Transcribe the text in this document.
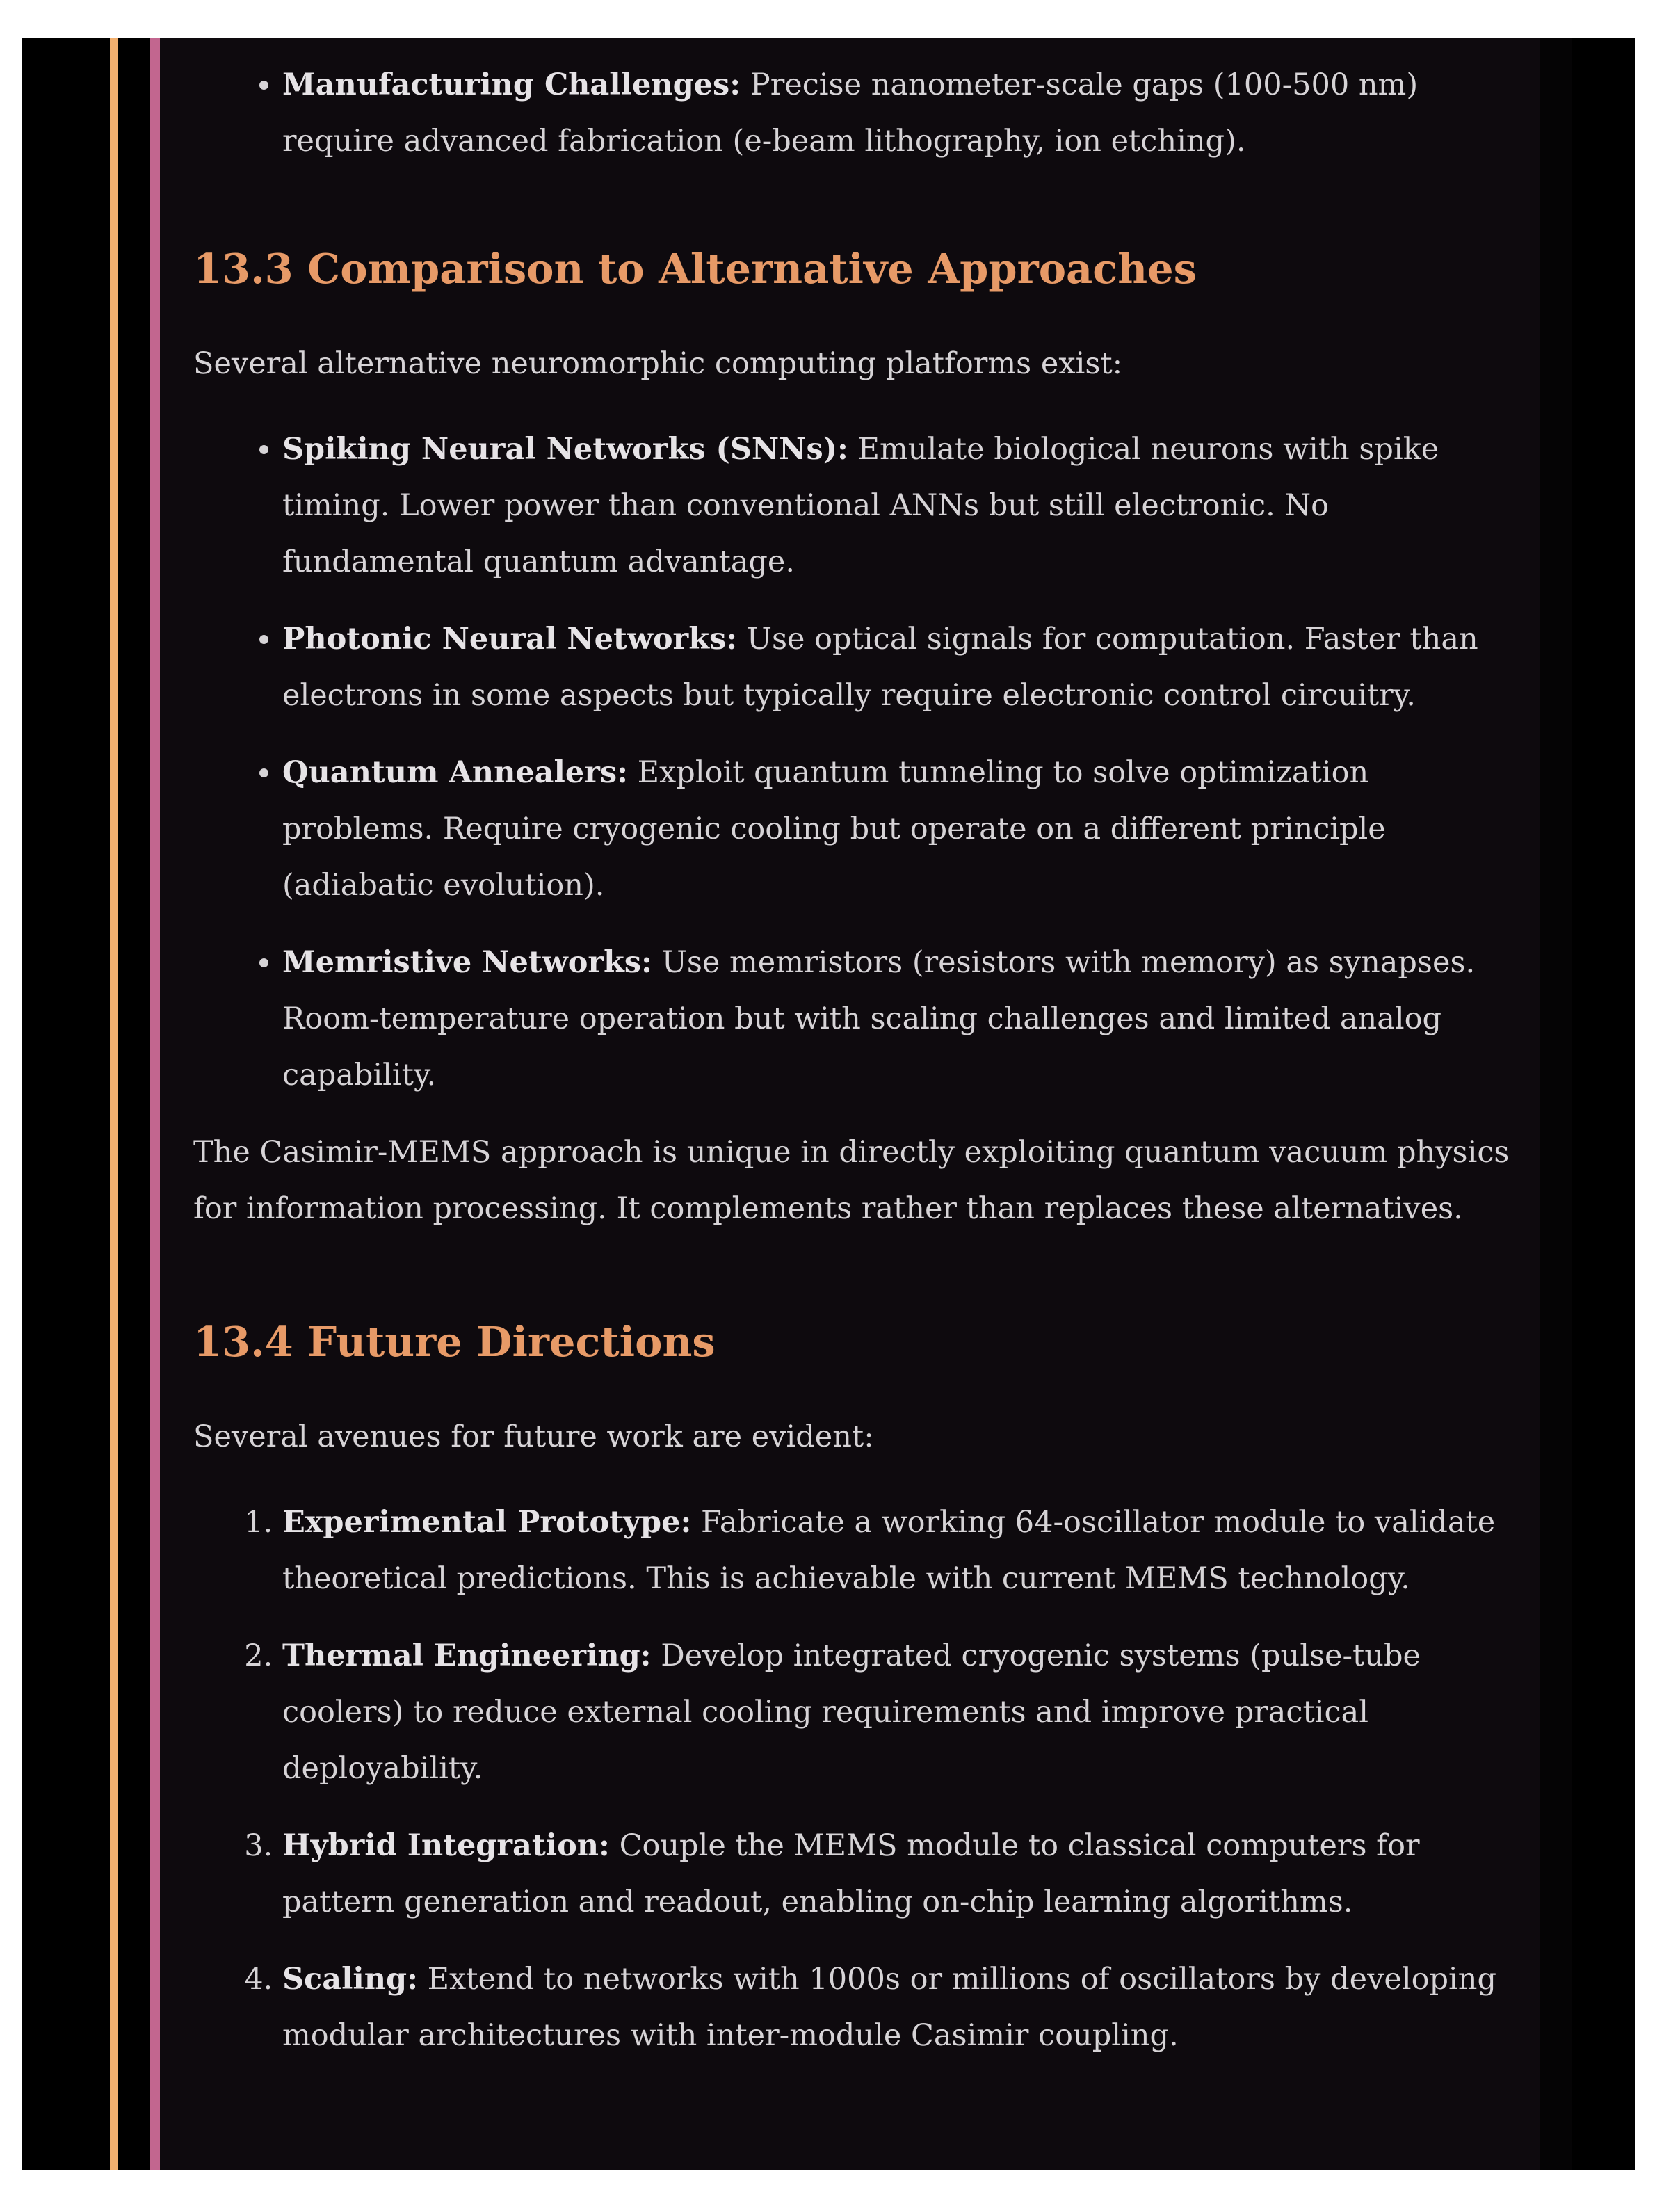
• Manufacturing Challenges: Precise nanometer-scale gaps (100-500 nm) require advanced fabrication (e-beam lithography, ion etching).
13.3 Comparison to Alternative Approaches

Several alternative neuromorphic computing platforms exist:

• Spiking Neural Networks (SNNs): Emulate biological neurons with spike timing. Lower power than conventional ANNs but still electronic. No fundamental quantum advantage.
• Photonic Neural Networks: Use optical signals for computation. Faster than electrons in some aspects but typically require electronic control circuitry.
• Quantum Annealers: Exploit quantum tunneling to solve optimization problems. Require cryogenic cooling but operate on a different principle (adiabatic evolution).
• Memristive Networks: Use memristors (resistors with memory) as synapses. Room-temperature operation but with scaling challenges and limited analog capability.

The Casimir-MEMS approach is unique in directly exploiting quantum vacuum physics for information processing. It complements rather than replaces these alternatives.

13.4 Future Directions

Several avenues for future work are evident:

1. Experimental Prototype: Fabricate a working 64-oscillator module to validate theoretical predictions. This is achievable with current MEMS technology.
2. Thermal Engineering: Develop integrated cryogenic systems (pulse-tube coolers) to reduce external cooling requirements and improve practical deployability.
3. Hybrid Integration: Couple the MEMS module to classical computers for pattern generation and readout, enabling on-chip learning algorithms.
4. Scaling: Extend to networks with 1000s or millions of oscillators by developing modular architectures with inter-module Casimir coupling.
